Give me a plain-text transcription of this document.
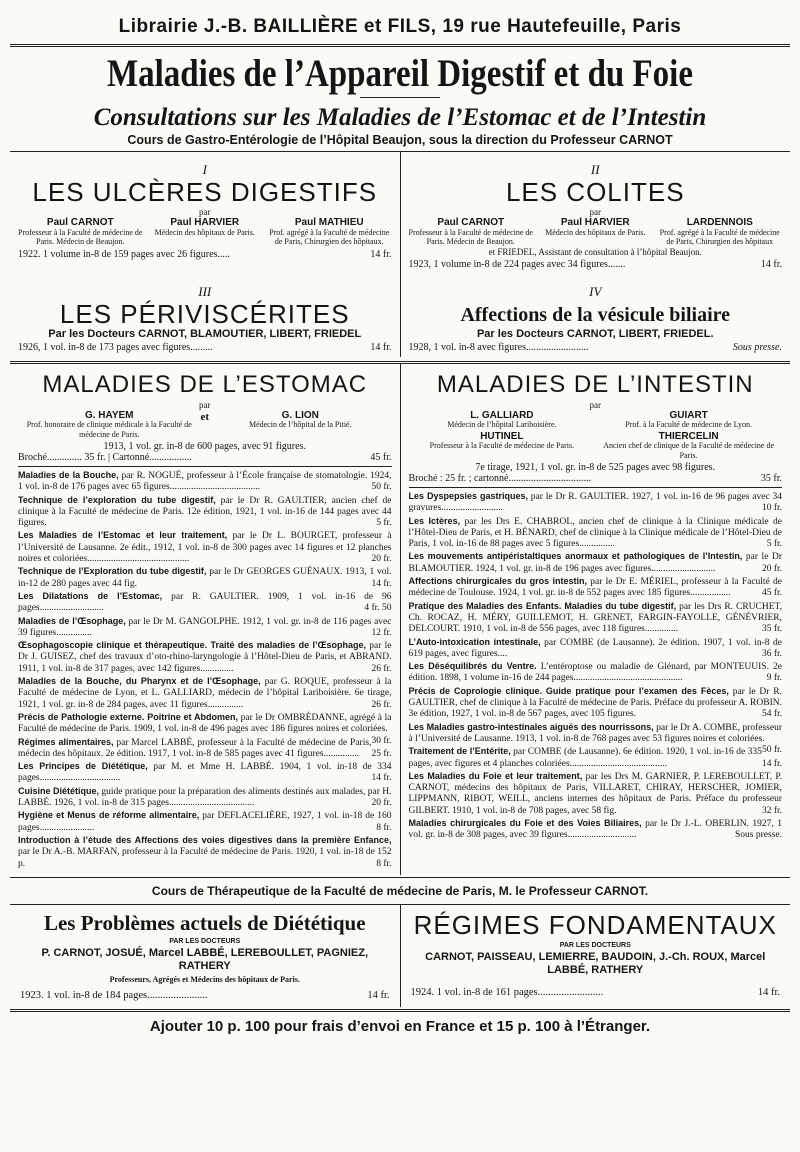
Librairie J.-B. BAILLIÈRE et FILS, 19 rue Hautefeuille, Paris
Maladies de l’Appareil Digestif et du Foie
Consultations sur les Maladies de l’Estomac et de l’Intestin
Cours de Gastro-Entérologie de l’Hôpital Beaujon, sous la direction du Professeur CARNOT
I
LES ULCÈRES DIGESTIFS
par
Paul CARNOT
Professeur à la Faculté de médecine de Paris. Médecin de Beaujon.
Paul HARVIER
Médecin des hôpitaux de Paris.
Paul MATHIEU
Prof. agrégé à la Faculté de médecine de Paris, Chirurgien des hôpitaux.
1922. 1 volume in-8 de 159 pages avec 26 figures.....	14 fr.
II
LES COLITES
par
Paul CARNOT
Professeur à la Faculté de médecine de Paris. Médecin de Beaujon.
Paul HARVIER
Médecin des hôpitaux de Paris.
LARDENNOIS
Prof. agrégé à la Faculté de médecine de Paris, Chirurgien des hôpitaux
et FRIEDEL, Assistant de consultation à l’hôpital Beaujon.
1923, 1 volume in-8 de 224 pages avec 34 figures.......	14 fr.
III
LES PÉRIVISCÉRITES
Par les Docteurs CARNOT, BLAMOUTIER, LIBERT, FRIEDEL
1926, 1 vol. in-8 de 173 pages avec figures.........	14 fr.
IV
Affections de la vésicule biliaire
Par les Docteurs CARNOT, LIBERT, FRIEDEL.
1928, 1 vol. in-8 avec figures.........................	Sous presse.
MALADIES DE L’ESTOMAC
par
G. HAYEM
Prof. honoraire de clinique médicale à la Faculté de médecine de Paris.
et	G. LION
Médecin de l’hôpital de la Pitié.
1913, 1 vol. gr. in-8 de 600 pages, avec 91 figures.
Broché.............. 35 fr. | Cartonné.................	45 fr.
Maladies de la Bouche, par R. NOGUÉ, professeur à l’École française de stomatologie. 1924, 1 vol. in-8 de 176 pages avec 65 figures......................................	50 fr.
Technique de l’exploration du tube digestif, par le Dr R. GAULTIER, ancien chef de clinique à la Faculté de médecine de Paris. 12e édition, 1921, 1 vol. in-16 de 144 pages avec 44 figures.	5 fr.
Les Maladies de l’Estomac et leur traitement, par le Dr L. BOURGET, professeur à l’Université de Lausanne. 2e édit., 1912, 1 vol. in-8 de 300 pages avec 14 figures et 12 planches noires et coloriées...........................................	20 fr.
Technique de l’Exploration du tube digestif, par le Dr GEORGES GUÉNAUX. 1913, 1 vol. in-12 de 280 pages avec 44 fig.	14 fr.
Les Dilatations de l’Estomac, par R. GAULTIER. 1909, 1 vol. in-16 de 96 pages...........................	4 fr. 50
Maladies de l’Œsophage, par le Dr M. GANGOLPHE. 1912, 1 vol. gr. in-8 de 116 pages avec 39 figures...............	12 fr.
Œsophagoscopie clinique et thérapeutique. Traité des maladies de l’Œsophage, par le Dr J. GUISEZ, chef des travaux d’oto-rhino-laryngologie à l’Hôtel-Dieu de Paris, et ABRAND. 1911, 1 vol. in-8 de 317 pages, avec 142 figures..............	26 fr.
Maladies de la Bouche, du Pharynx et de l’Œsophage, par G. ROQUE, professeur à la Faculté de médecine de Lyon, et L. GALLIARD, médecin de l’hôpital Lariboisière. 6e tirage, 1921, 1 vol. gr. in-8 de 284 pages, avec 11 figures...............	26 fr.
Précis de Pathologie externe. Poitrine et Abdomen, par le Dr OMBRÉDANNE, agrégé à la Faculté de médecine de Paris. 1909, 1 vol. in-8 de 496 pages avec 186 figures noires et coloriées.
30 fr.
Régimes alimentaires, par Marcel LABBÉ, professeur à la Faculté de médecine de Paris, médecin des hôpitaux. 2e édition. 1917, 1 vol. in-8 de 585 pages avec 41 figures............... 25 fr.
Les Principes de Diététique, par M. et Mme H. LABBÉ. 1904, 1 vol. in-18 de 334 pages..................................	14 fr.
Cuisine Diététique, guide pratique pour la préparation des aliments destinés aux malades, par H. LABBÉ. 1926, 1 vol. in-8 de 315 pages....................................	20 fr.
Hygiène et Menus de réforme alimentaire, par DEFLACELIÈRE, 1927, 1 vol. in-18 de 160 pages.......................	8 fr.
Introduction à l’étude des Affections des voies digestives dans la première Enfance, par le Dr A.-B. MARFAN, professeur à la Faculté de médecine de Paris. 1920, 1 vol. in-18 de 152 p.	8 fr.
MALADIES DE L’INTESTIN
par
L. GALLIARD
Médecin de l’hôpital Lariboisière.
GUIART
Prof. à la Faculté de médecine de Lyon.
HUTINEL
Professeur à la Faculté de médecine de Paris.
THIERCELIN
Ancien chef de clinique de la Faculté de médecine de Paris.
7e tirage, 1921, 1 vol. gr. in-8 de 525 pages avec 98 figures.
Broché : 25 fr. ; cartonné.................................	35 fr.
Les Dyspepsies gastriques, par le Dr R. GAULTIER. 1927, 1 vol. in-16 de 96 pages avec 34 gravures..........................	10 fr.
Les Ictères, par les Drs E. CHABROL, ancien chef de clinique à la Clinique médicale de l’Hôtel-Dieu de Paris, et H. BÉNARD, chef de clinique à la Clinique médicale de l’Hôtel-Dieu de Paris, 1 vol. in-16 de 88 pages avec 5 figures...............	5 fr.
Les mouvements antipéristaltiques anormaux et pathologiques de l’Intestin, par le Dr BLAMOUTIER. 1924, 1 vol. gr. in-8 de 196 pages avec figures...........................	20 fr.
Affections chirurgicales du gros intestin, par le Dr E. MÉRIEL, professeur à la Faculté de médecine de Toulouse. 1924, 1 vol. gr. in-8 de 552 pages avec 185 figures.................	45 fr.
Pratique des Maladies des Enfants. Maladies du tube digestif, par les Drs R. CRUCHET, Ch. ROCAZ, H. MÉRY, GUILLEMOT, H. GRENET, FARGIN-FAYOLLE, GÉNÉVRIER, DELCOURT. 1910, 1 vol. in-8 de 556 pages, avec 118 figures..............	35 fr.
L’Auto-intoxication intestinale, par COMBE (de Lausanne). 2e édition. 1907, 1 vol. in-8 de 619 pages, avec figures....	36 fr.
Les Déséquilibrés du Ventre. L’entéroptose ou maladie de Glénard, par MONTEUUIS. 2e édition. 1898, 1 volume in-16 de 244 pages..............................................	9 fr.
Précis de Coprologie clinique. Guide pratique pour l’examen des Fèces, par le Dr R. GAULTIER, chef de clinique à la Faculté de médecine de Paris. Préface du professeur A. ROBIN. 3e édition, 1927, 1 vol. in-8 de 567 pages, avec 105 figures.	54 fr.
Les Maladies gastro-intestinales aiguës des nourrissons, par le Dr A. COMBE, professeur à l’Université de Lausanne. 1913, 1 vol. in-8 de 768 pages avec 53 figures noires et coloriées.
50 fr.
Traitement de l’Entérite, par COMBE (de Lausanne). 6e édition. 1920, 1 vol. in-16 de 335 pages, avec figures et 4 planches coloriées.........................................	14 fr.
Les Maladies du Foie et leur traitement, par les Drs M. GARNIER, P. LEREBOULLET, P. CARNOT, médecins des hôpitaux de Paris, VILLARET, CHIRAY, HERSCHER, JOMIER, LIPPMANN, RIBOT, WEILL, anciens internes des hôpitaux de Paris. Préface du professeur GILBERT. 1910, 1 vol. in-8 de 708 pages, avec 58 fig.	32 fr.
Maladies chirurgicales du Foie et des Voies Biliaires, par le Dr J.-L. OBERLIN. 1927, 1 vol. gr. in-8 de 308 pages, avec 39 figures.............................	Sous presse.
Cours de Thérapeutique de la Faculté de médecine de Paris, M. le Professeur CARNOT.
Les Problèmes actuels de Diététique
PAR LES DOCTEURS
P. CARNOT, JOSUÉ, Marcel LABBÉ, LEREBOULLET, PAGNIEZ, RATHERY
Professeurs, Agrégés et Médecins des hôpitaux de Paris.
1923. 1 vol. in-8 de 184 pages.......................	14 fr.
RÉGIMES FONDAMENTAUX
PAR LES DOCTEURS
CARNOT, PAISSEAU, LEMIERRE, BAUDOIN, J.-Ch. ROUX, Marcel LABBÉ, RATHERY
1924. 1 vol. in-8 de 161 pages.........................	14 fr.
Ajouter 10 p. 100 pour frais d’envoi en France et 15 p. 100 à l’Étranger.
